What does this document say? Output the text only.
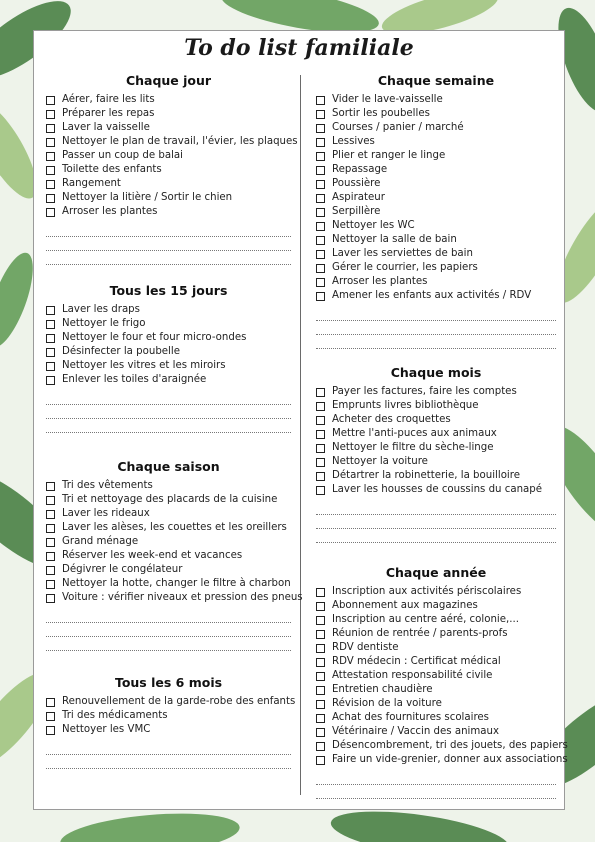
To do list familiale
Chaque jour
Aérer, faire les lits
Préparer les repas
Laver la vaisselle
Nettoyer le plan de travail, l'évier, les plaques
Passer un coup de balai
Toilette des enfants
Rangement
Nettoyer la litière / Sortir le chien
Arroser les plantes
Tous les 15 jours
Laver les draps
Nettoyer le frigo
Nettoyer le four et four micro-ondes
Désinfecter la poubelle
Nettoyer les vitres et les miroirs
Enlever les toiles d'araignée
Chaque saison
Tri des vêtements
Tri et nettoyage des placards de la cuisine
Laver les rideaux
Laver les alèses, les couettes et les oreillers
Grand ménage
Réserver les week-end et vacances
Dégivrer le congélateur
Nettoyer la hotte, changer le filtre à charbon
Voiture : vérifier niveaux et pression des pneus
Tous les 6 mois
Renouvellement de la garde-robe des enfants
Tri des médicaments
Nettoyer les VMC
Chaque semaine
Vider le lave-vaisselle
Sortir les poubelles
Courses / panier / marché
Lessives
Plier et ranger le linge
Repassage
Poussière
Aspirateur
Serpillère
Nettoyer les WC
Nettoyer la salle de bain
Laver les serviettes de bain
Gérer le courrier, les papiers
Arroser les plantes
Amener les enfants aux activités / RDV
Chaque mois
Payer les factures, faire les comptes
Emprunts livres bibliothèque
Acheter des croquettes
Mettre l'anti-puces aux animaux
Nettoyer le filtre du sèche-linge
Nettoyer la voiture
Détartrer la robinetterie, la bouilloire
Laver les housses de coussins du canapé
Chaque année
Inscription aux activités périscolaires
Abonnement aux magazines
Inscription au centre aéré, colonie,...
Réunion de rentrée / parents-profs
RDV dentiste
RDV médecin : Certificat médical
Attestation responsabilité civile
Entretien chaudière
Révision de la voiture
Achat des fournitures scolaires
Vétérinaire / Vaccin des animaux
Désencombrement, tri des jouets, des papiers
Faire un vide-grenier, donner aux associations
